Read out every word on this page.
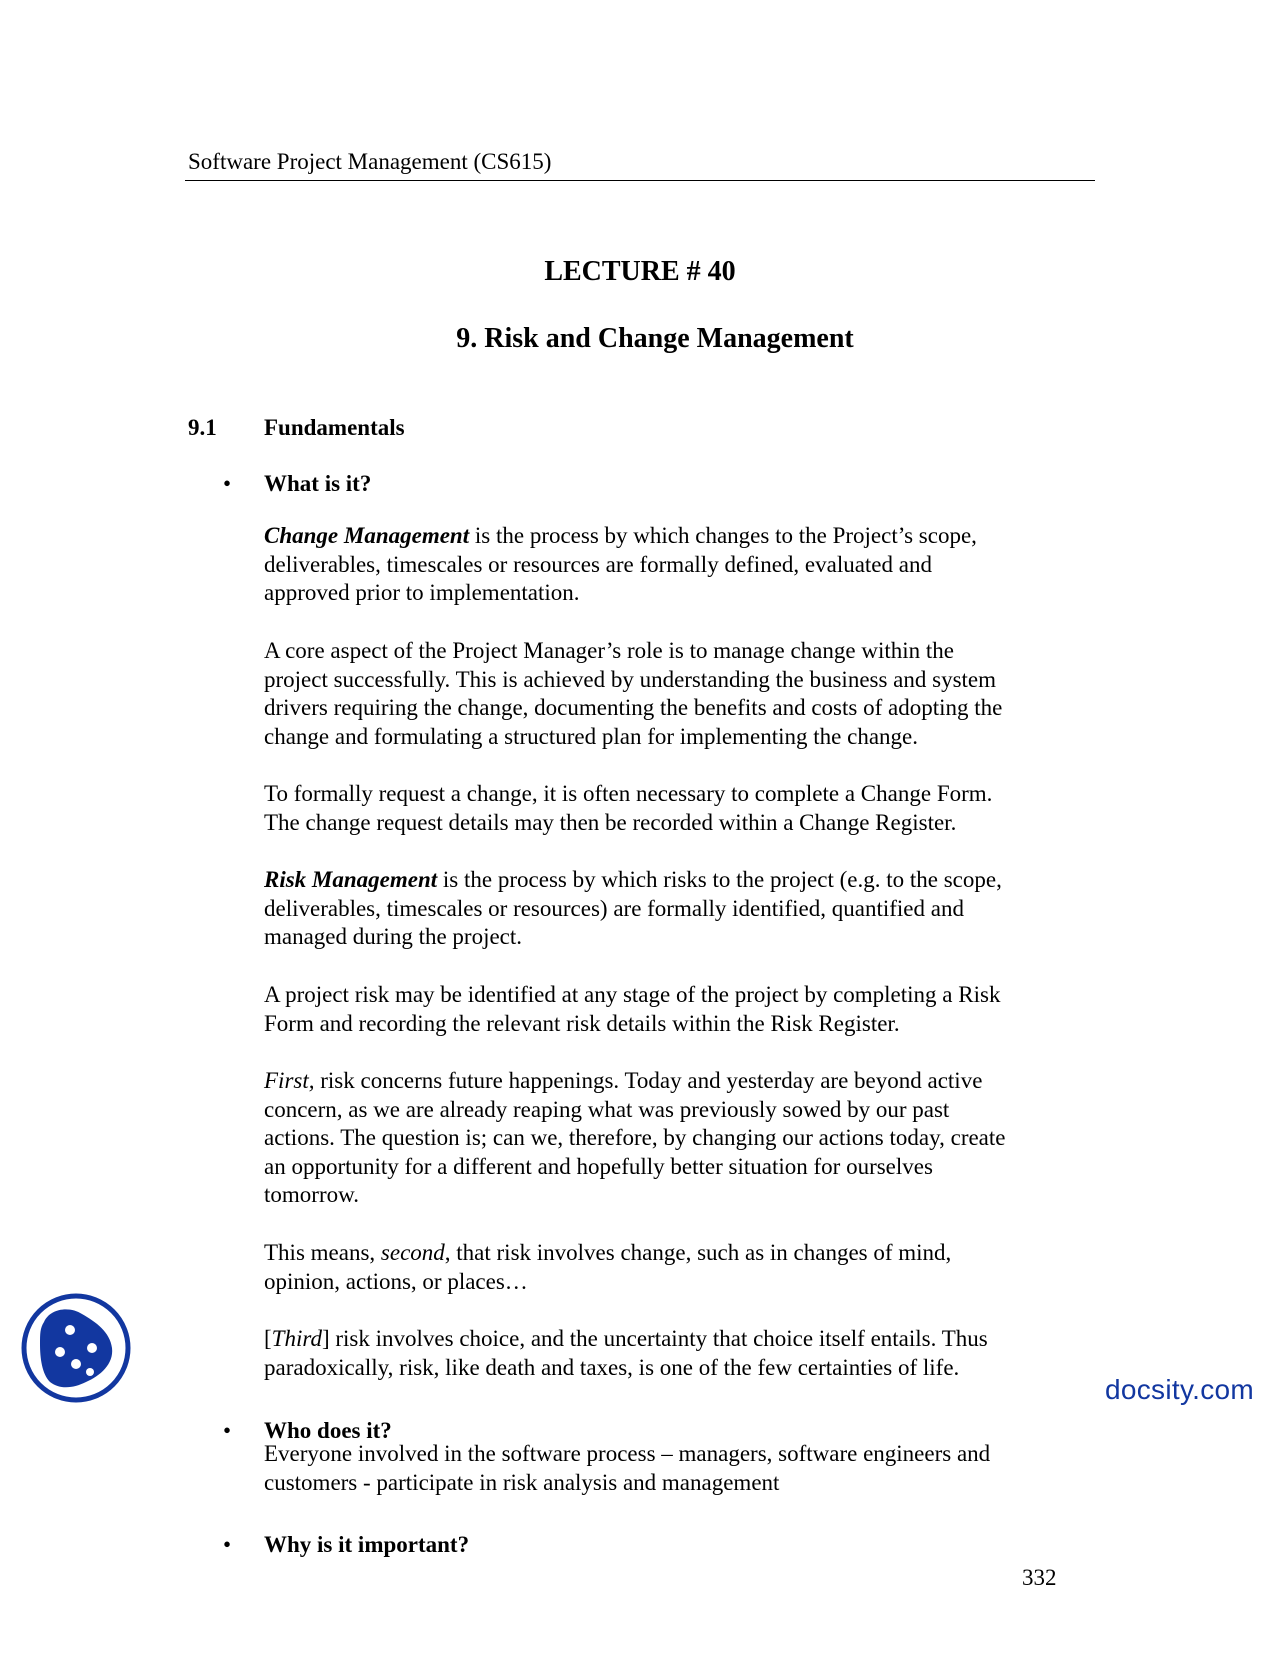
Software Project Management (CS615)
LECTURE # 40
9. Risk and Change Management
9.1 Fundamentals
• What is it?
Change Management is the process by which changes to the Project’s scope,
deliverables, timescales or resources are formally defined, evaluated and
approved prior to implementation.
A core aspect of the Project Manager’s role is to manage change within the
project successfully. This is achieved by understanding the business and system
drivers requiring the change, documenting the benefits and costs of adopting the
change and formulating a structured plan for implementing the change.
To formally request a change, it is often necessary to complete a Change Form.
The change request details may then be recorded within a Change Register.
Risk Management is the process by which risks to the project (e.g. to the scope,
deliverables, timescales or resources) are formally identified, quantified and
managed during the project.
A project risk may be identified at any stage of the project by completing a Risk
Form and recording the relevant risk details within the Risk Register.
First, risk concerns future happenings. Today and yesterday are beyond active
concern, as we are already reaping what was previously sowed by our past
actions. The question is; can we, therefore, by changing our actions today, create
an opportunity for a different and hopefully better situation for ourselves
tomorrow.
This means, second, that risk involves change, such as in changes of mind,
opinion, actions, or places…
[Third] risk involves choice, and the uncertainty that choice itself entails. Thus
paradoxically, risk, like death and taxes, is one of the few certainties of life.
• Who does it?
Everyone involved in the software process – managers, software engineers and
customers - participate in risk analysis and management
• Why is it important?
332
docsity.com
